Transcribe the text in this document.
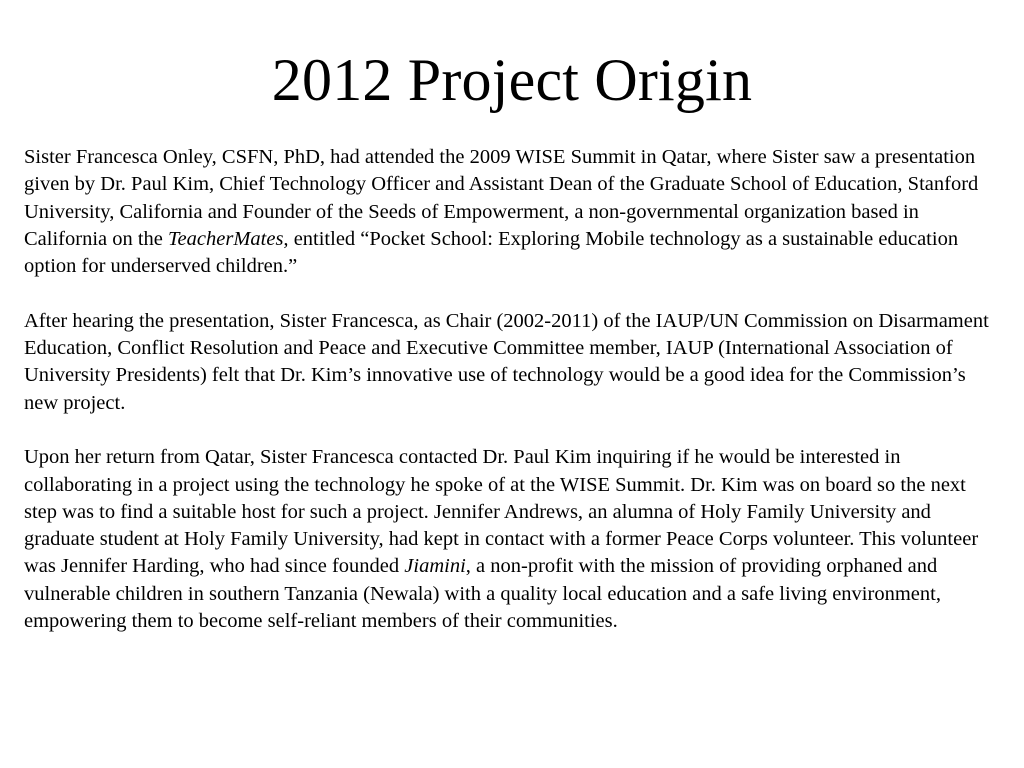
2012 Project Origin

Sister Francesca Onley, CSFN, PhD, had attended the 2009 WISE Summit in Qatar, where Sister saw a presentation given by Dr. Paul Kim, Chief Technology Officer and Assistant Dean of the Graduate School of Education, Stanford University, California and Founder of the Seeds of Empowerment, a non-governmental organization based in California on the TeacherMates, entitled “Pocket School: Exploring Mobile technology as a sustainable education option for underserved children.”

After hearing the presentation, Sister Francesca, as Chair (2002-2011) of the IAUP/UN Commission on Disarmament Education, Conflict Resolution and Peace and Executive Committee member, IAUP (International Association of University Presidents) felt that Dr. Kim’s innovative use of technology would be a good idea for the Commission’s new project.

Upon her return from Qatar, Sister Francesca contacted Dr. Paul Kim inquiring if he would be interested in collaborating in a project using the technology he spoke of at the WISE Summit. Dr. Kim was on board so the next step was to find a suitable host for such a project. Jennifer Andrews, an alumna of Holy Family University and graduate student at Holy Family University, had kept in contact with a former Peace Corps volunteer. This volunteer was Jennifer Harding, who had since founded Jiamini, a non-profit with the mission of providing orphaned and vulnerable children in southern Tanzania (Newala) with a quality local education and a safe living environment, empowering them to become self-reliant members of their communities.
